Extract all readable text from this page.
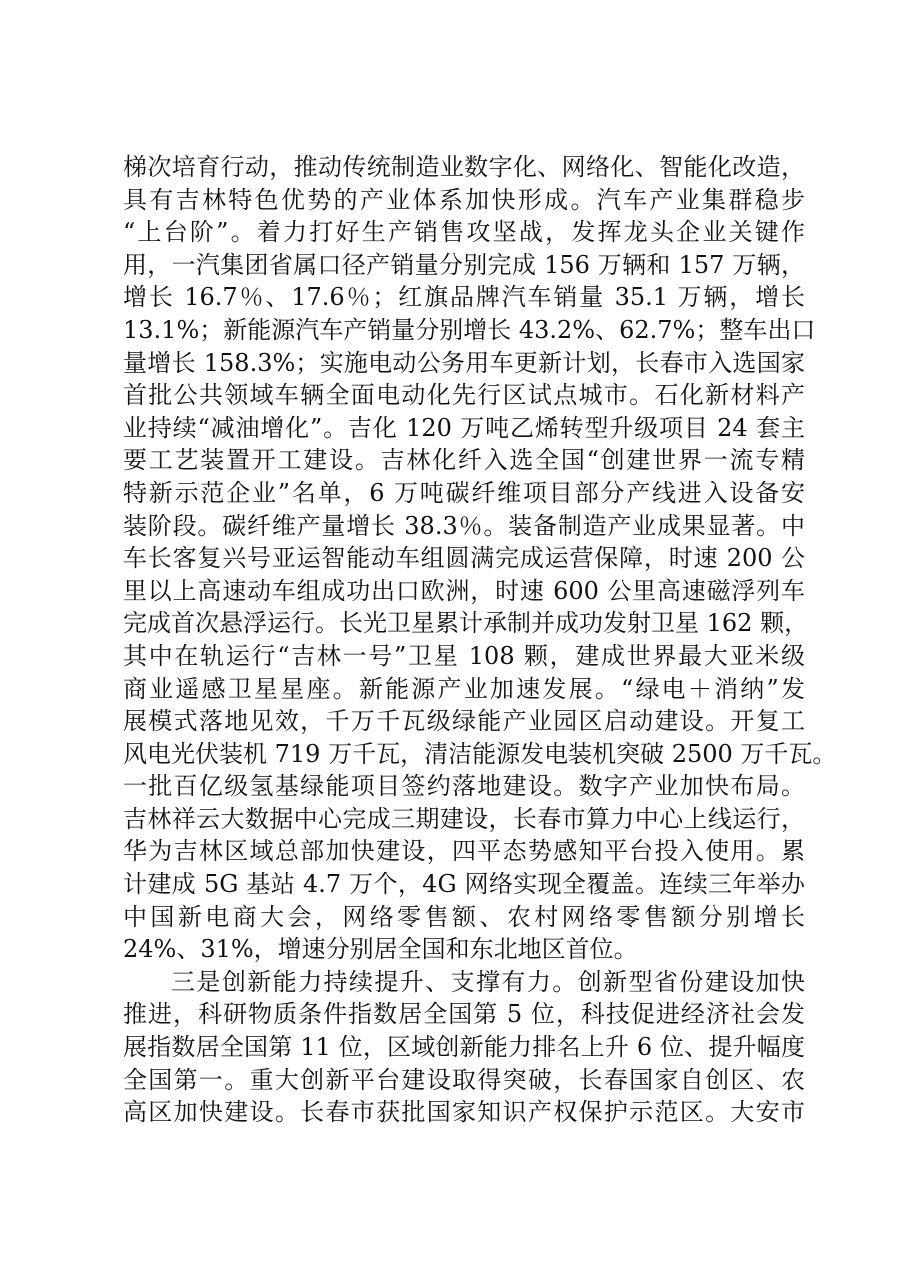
梯次培育行动，推动传统制造业数字化、网络化、智能化改造，
具有吉林特色优势的产业体系加快形成。汽车产业集群稳步
“上台阶”。着力打好生产销售攻坚战，发挥龙头企业关键作
用，一汽集团省属口径产销量分别完成 156 万辆和 157 万辆，
增长 16.7％、17.6％；红旗品牌汽车销量 35.1 万辆，增长
13.1%；新能源汽车产销量分别增长 43.2%、62.7%；整车出口
量增长 158.3%；实施电动公务用车更新计划，长春市入选国家
首批公共领域车辆全面电动化先行区试点城市。石化新材料产
业持续“减油增化”。吉化 120 万吨乙烯转型升级项目 24 套主
要工艺装置开工建设。吉林化纤入选全国“创建世界一流专精
特新示范企业”名单，6 万吨碳纤维项目部分产线进入设备安
装阶段。碳纤维产量增长 38.3％。装备制造产业成果显著。中
车长客复兴号亚运智能动车组圆满完成运营保障，时速 200 公
里以上高速动车组成功出口欧洲，时速 600 公里高速磁浮列车
完成首次悬浮运行。长光卫星累计承制并成功发射卫星 162 颗，
其中在轨运行“吉林一号”卫星 108 颗，建成世界最大亚米级
商业遥感卫星星座。新能源产业加速发展。“绿电＋消纳”发
展模式落地见效，千万千瓦级绿能产业园区启动建设。开复工
风电光伏装机 719 万千瓦，清洁能源发电装机突破 2500 万千瓦。
一批百亿级氢基绿能项目签约落地建设。数字产业加快布局。
吉林祥云大数据中心完成三期建设，长春市算力中心上线运行，
华为吉林区域总部加快建设，四平态势感知平台投入使用。累
计建成 5G 基站 4.7 万个，4G 网络实现全覆盖。连续三年举办
中国新电商大会，网络零售额、农村网络零售额分别增长
24%、31%，增速分别居全国和东北地区首位。
三是创新能力持续提升、支撑有力。创新型省份建设加快
推进，科研物质条件指数居全国第 5 位，科技促进经济社会发
展指数居全国第 11 位，区域创新能力排名上升 6 位、提升幅度
全国第一。重大创新平台建设取得突破，长春国家自创区、农
高区加快建设。长春市获批国家知识产权保护示范区。大安市
